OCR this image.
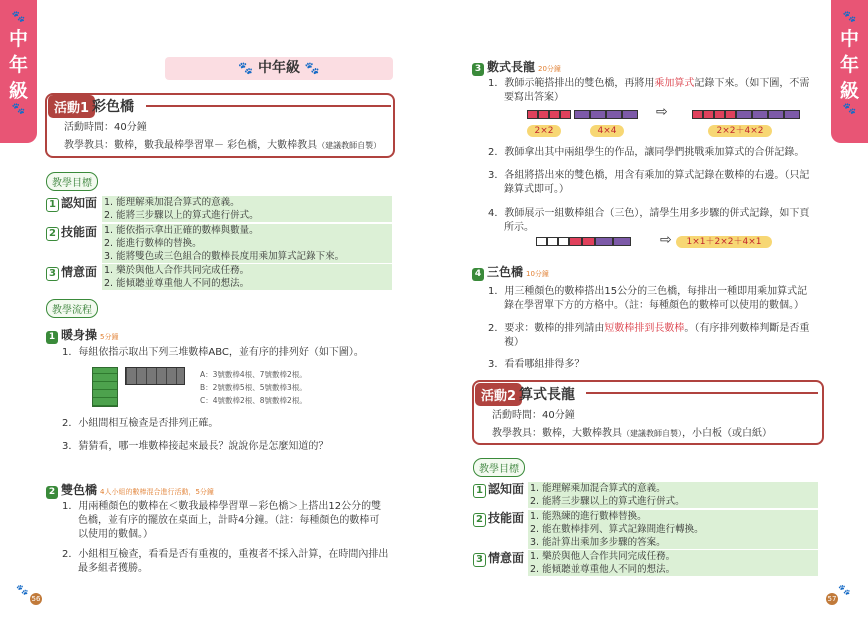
🐾
中
年
級
🐾
🐾
中
年
級
🐾
🐾 中年級 🐾
活動1 彩色橋
活動時間：40分鐘
教學教具：數棒，數我最棒學習單－ 彩色橋，大數棒教具（建議教師自製）
教學目標
1 認知面 1. 能理解乘加混合算式的意義。
2. 能將三步驟以上的算式進行併式。
2 技能面 1. 能依指示拿出正確的數棒與數量。
2. 能進行數棒的替換。
3. 能將雙色或三色組合的數棒長度用乘加算式記錄下來。
3 情意面 1. 樂於與他人合作共同完成任務。
2. 能傾聽並尊重他人不同的想法。
教學流程
1 暖身操 5分鐘
1．每組依指示取出下列三堆數棒ABC，並有序的排列好（如下圖）。
A：3號數棒4根、7號數棒2根。
B：2號數棒5根、5號數棒3根。
C：4號數棒2根、8號數棒2根。
2．小組間相互檢查是否排列正確。
3．猜猜看，哪一堆數棒接起來最長？說說你是怎麼知道的？
2 雙色橋 4人小組的數棒混合進行活動，5分鐘
1．用兩種顏色的數棒在＜數我最棒學習單－彩色橋＞上搭出12公分的雙
色橋，並有序的擺放在桌面上，計時4分鐘。（註：每種顏色的數棒可
以使用的數個。）
2．小組相互檢查，看看是否有重複的，重複者不採入計算，在時間內排出
最多組者獲勝。
🐾
56
3 數式長龍 20分鐘
1．教師示範搭排出的雙色橋，再將用乘加算式記錄下來。（如下圖，不需
要寫出答案）
⇨
2×2	4×4	2×2＋4×2
2．教師拿出其中兩組學生的作品，讓同學們挑戰乘加算式的合併記錄。
3．各組將搭出來的雙色橋，用含有乘加的算式記錄在數棒的右邊。（只記
錄算式即可。）
4．教師展示一組數棒組合（三色），請學生用多步驟的併式記錄，如下頁
所示。
⇨	1×1＋2×2＋4×1
4 三色橋 10分鐘
1．用三種顏色的數棒搭出15公分的三色橋，每排出一種即用乘加算式記
錄在學習單下方的方格中。（註：每種顏色的數棒可以使用的數個。）
2．要求：數棒的排列請由短數棒排到長數棒。（有序排列數棒判斷是否重
複）
3．看看哪組排得多？
活動2 算式長龍
活動時間：40分鐘
教學教具：數棒，大數棒教具（建議教師自製），小白板（或白紙）
教學目標
1 認知面 1. 能理解乘加混合算式的意義。
2. 能將三步驟以上的算式進行併式。
2 技能面 1. 能熟練的進行數棒替換。
2. 能在數棒排列、算式記錄間進行轉換。
3. 能計算出乘加多步驟的答案。
3 情意面 1. 樂於與他人合作共同完成任務。
2. 能傾聽並尊重他人不同的想法。
57
🐾
